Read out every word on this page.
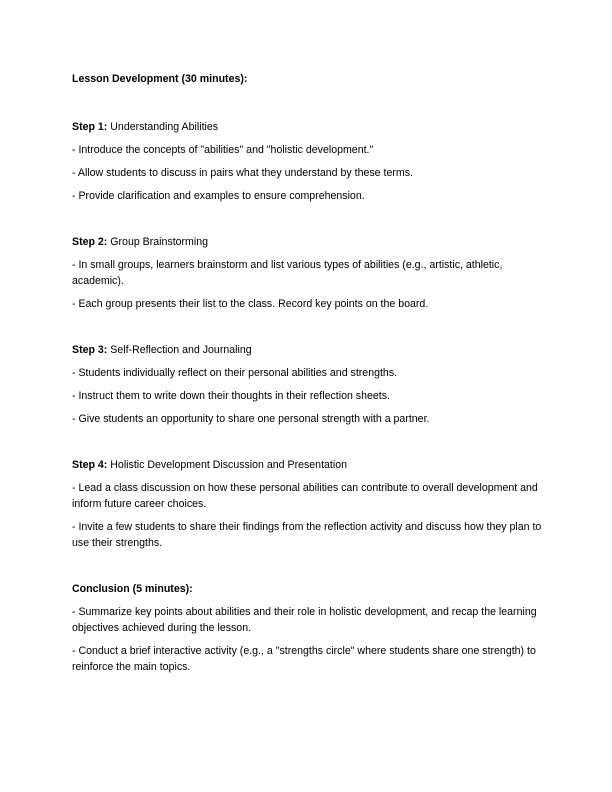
Lesson Development (30 minutes):

Step 1: Understanding Abilities

- Introduce the concepts of "abilities" and "holistic development."

- Allow students to discuss in pairs what they understand by these terms.

- Provide clarification and examples to ensure comprehension.

Step 2: Group Brainstorming

- In small groups, learners brainstorm and list various types of abilities (e.g., artistic, athletic, academic).

- Each group presents their list to the class. Record key points on the board.

Step 3: Self-Reflection and Journaling

- Students individually reflect on their personal abilities and strengths.

- Instruct them to write down their thoughts in their reflection sheets.

- Give students an opportunity to share one personal strength with a partner.

Step 4: Holistic Development Discussion and Presentation

- Lead a class discussion on how these personal abilities can contribute to overall development and inform future career choices.

- Invite a few students to share their findings from the reflection activity and discuss how they plan to use their strengths.

Conclusion (5 minutes):

- Summarize key points about abilities and their role in holistic development, and recap the learning objectives achieved during the lesson.

- Conduct a brief interactive activity (e.g., a "strengths circle" where students share one strength) to reinforce the main topics.
